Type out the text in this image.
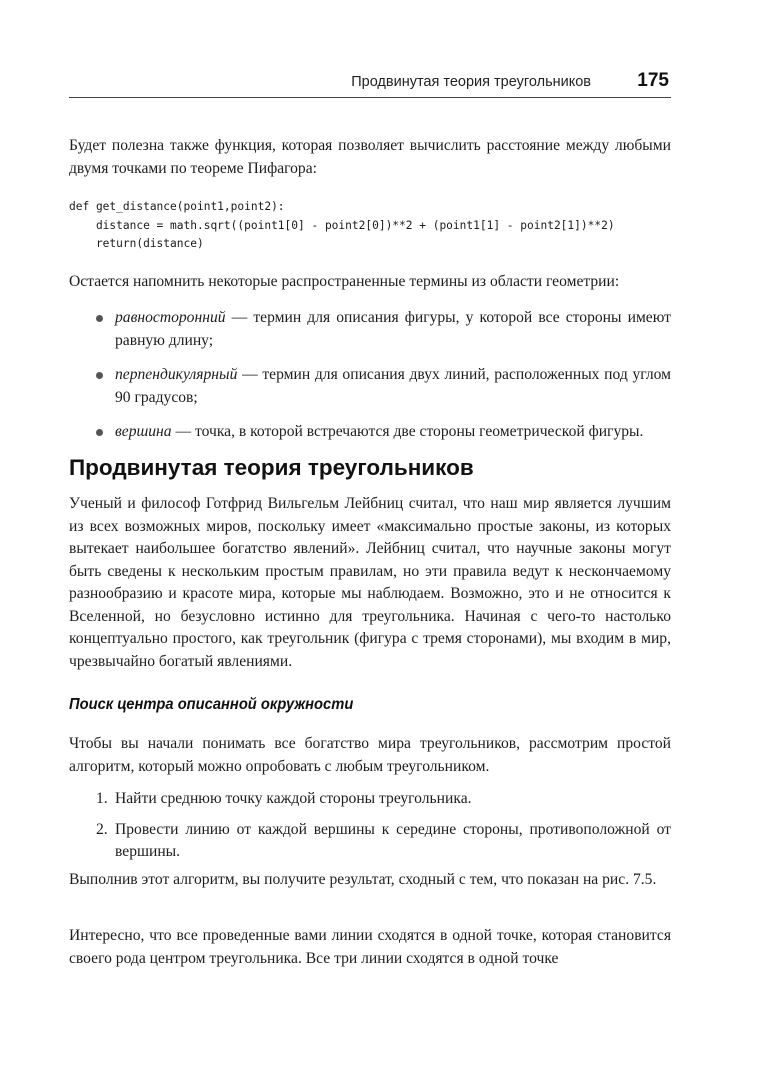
Продвинутая теория треугольников 175

Будет полезна также функция, которая позволяет вычислить расстояние между любыми двумя точками по теореме Пифагора:

def get_distance(point1,point2):
distance = math.sqrt((point1[0] - point2[0])**2 + (point1[1] - point2[1])**2)
return(distance)

Остается напомнить некоторые распространенные термины из области геометрии:

равносторонний — термин для описания фигуры, у которой все стороны имеют равную длину;
перпендикулярный — термин для описания двух линий, расположенных под углом 90 градусов;
вершина — точка, в которой встречаются две стороны геометрической фигуры.
Продвинутая теория треугольников

Ученый и философ Готфрид Вильгельм Лейбниц считал, что наш мир является лучшим из всех возможных миров, поскольку имеет «максимально простые законы, из которых вытекает наибольшее богатство явлений». Лейбниц считал, что научные законы могут быть сведены к нескольким простым правилам, но эти правила ведут к нескончаемому разнообразию и красоте мира, которые мы наблюдаем. Возможно, это и не относится к Вселенной, но безусловно истинно для треугольника. Начиная с чего-то настолько концептуально простого, как треугольник (фигура с тремя сторонами), мы входим в мир, чрезвычайно богатый явлениями.

Поиск центра описанной окружности

Чтобы вы начали понимать все богатство мира треугольников, рассмотрим простой алгоритм, который можно опробовать с любым треугольником.

1. Найти среднюю точку каждой стороны треугольника.
2. Провести линию от каждой вершины к середине стороны, противоположной от вершины.

Выполнив этот алгоритм, вы получите результат, сходный с тем, что показан на рис. 7.5.

Интересно, что все проведенные вами линии сходятся в одной точке, которая становится своего рода центром треугольника. Все три линии сходятся в одной точке
